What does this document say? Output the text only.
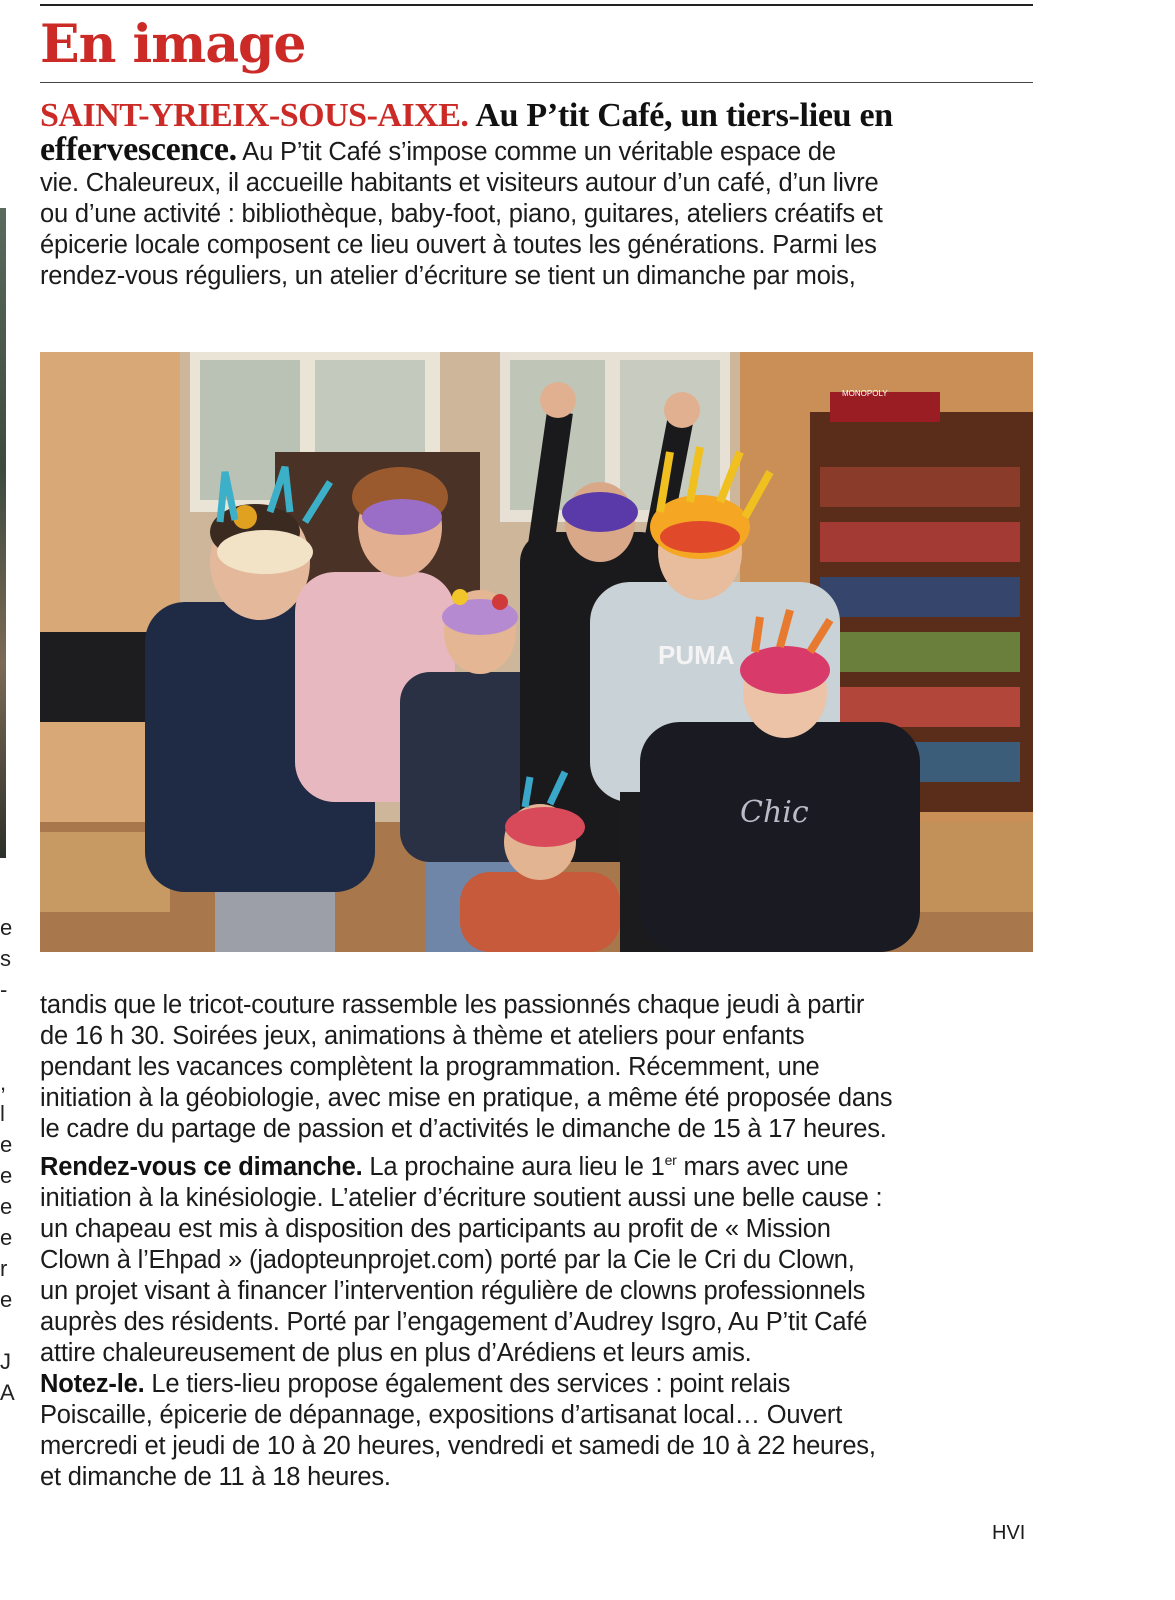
En image
e
s
-
,
l
e
e
e
e
r
e
J
A
SAINT-YRIEIX-SOUS-AIXE. Au P’tit Café, un tiers-lieu en
effervescence. Au P’tit Café s’impose comme un véritable espace de
vie. Chaleureux, il accueille habitants et visiteurs autour d’un café, d’un livre
ou d’une activité : bibliothèque, baby-foot, piano, guitares, ateliers créatifs et
épicerie locale composent ce lieu ouvert à toutes les générations. Parmi les
rendez-vous réguliers, un atelier d’écriture se tient un dimanche par mois,
MONOPOLY
PUMA
Chic
tandis que le tricot-couture rassemble les passionnés chaque jeudi à partir
de 16 h 30. Soirées jeux, animations à thème et ateliers pour enfants
pendant les vacances complètent la programmation. Récemment, une
initiation à la géobiologie, avec mise en pratique, a même été proposée dans
le cadre du partage de passion et d’activités le dimanche de 15 à 17 heures.
Rendez-vous ce dimanche. La prochaine aura lieu le 1er mars avec une
initiation à la kinésiologie. L’atelier d’écriture soutient aussi une belle cause :
un chapeau est mis à disposition des participants au profit de « Mission
Clown à l’Ehpad » (jadopteunprojet.com) porté par la Cie le Cri du Clown,
un projet visant à financer l’intervention régulière de clowns professionnels
auprès des résidents. Porté par l’engagement d’Audrey Isgro, Au P’tit Café
attire chaleureusement de plus en plus d’Arédiens et leurs amis.
Notez-le. Le tiers-lieu propose également des services : point relais
Poiscaille, épicerie de dépannage, expositions d’artisanat local… Ouvert
mercredi et jeudi de 10 à 20 heures, vendredi et samedi de 10 à 22 heures,
et dimanche de 11 à 18 heures.
HVI
